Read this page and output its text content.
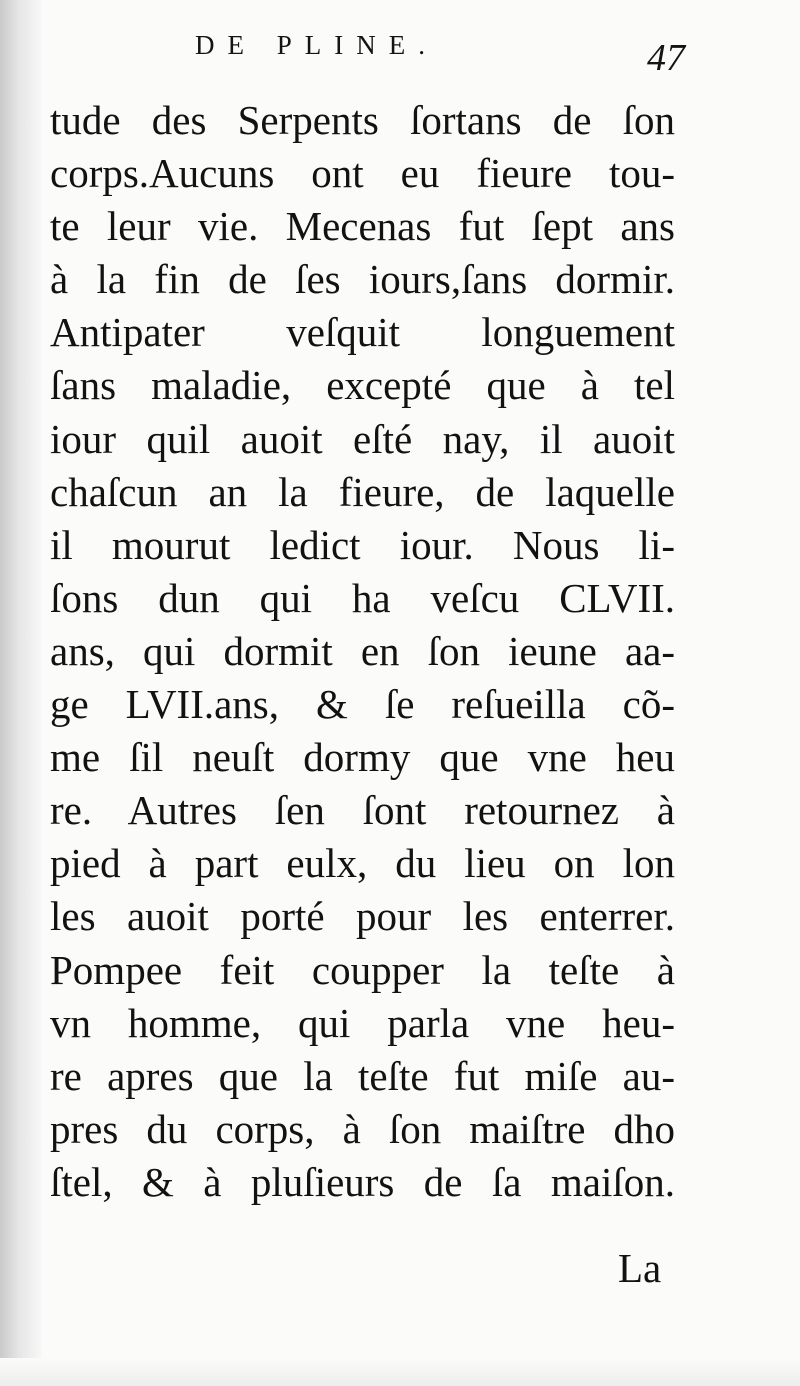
DE PLINE.	47
tude des Serpents ſortans de ſon
corps.Aucuns ont eu fieure tou-
te leur vie. Mecenas fut ſept ans
à la fin de ſes iours,ſans dormir.
Antipater veſquit longuement
ſans maladie, excepté que à tel
iour quil auoit eſté nay, il auoit
chaſcun an la fieure, de laquelle
il mourut ledict iour. Nous li-
ſons dun qui ha veſcu CLVII.
ans, qui dormit en ſon ieune aa-
ge LVII.ans, & ſe reſueilla cõ-
me ſil neuſt dormy que vne heu
re. Autres ſen ſont retournez à
pied à part eulx, du lieu on lon
les auoit porté pour les enterrer.
Pompee feit coupper la teſte à
vn homme, qui parla vne heu-
re apres que la teſte fut miſe au-
pres du corps, à ſon maiſtre dho
ſtel, & à pluſieurs de ſa maiſon.
La
